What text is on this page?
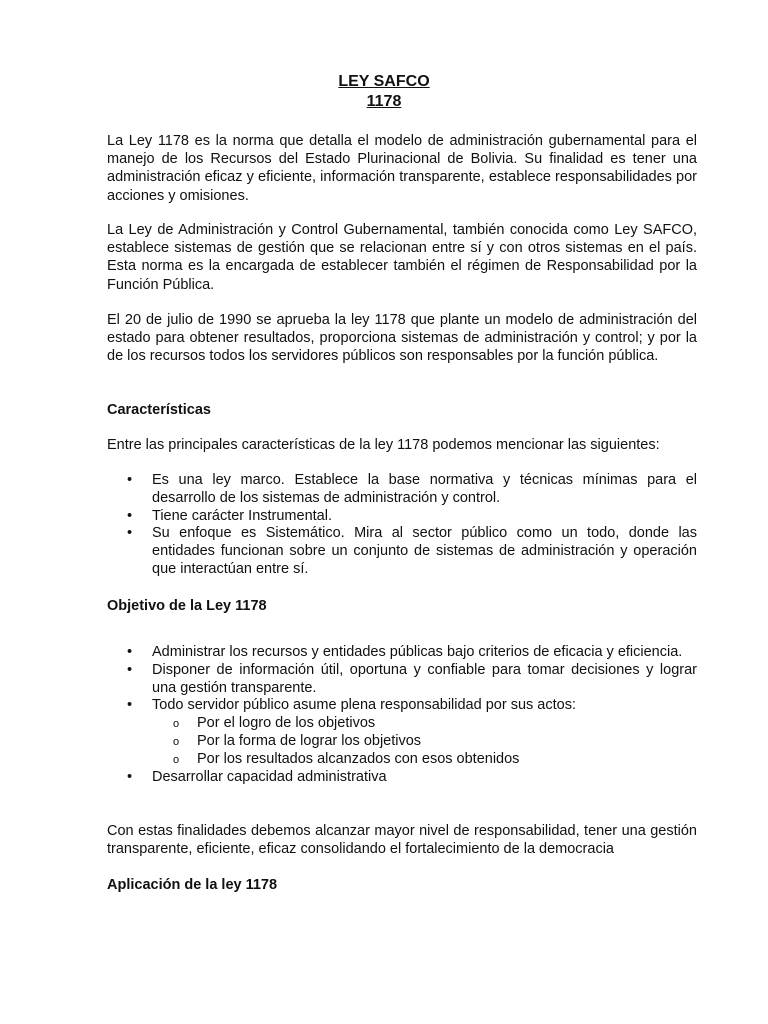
LEY SAFCO
1178

La Ley 1178 es la norma que detalla el modelo de administración gubernamental para el manejo de los Recursos del Estado Plurinacional de Bolivia. Su finalidad es tener una administración eficaz y eficiente, información transparente, establece responsabilidades por acciones y omisiones.

La Ley de Administración y Control Gubernamental, también conocida como Ley SAFCO, establece sistemas de gestión que se relacionan entre sí y con otros sistemas en el país. Esta norma es la encargada de establecer también el régimen de Responsabilidad por la Función Pública.

El 20 de julio de 1990 se aprueba la ley 1178 que plante un modelo de administración del estado para obtener resultados, proporciona sistemas de administración y control; y por la de los recursos todos los servidores públicos son responsables por la función pública.

Características

Entre las principales características de la ley 1178 podemos mencionar las siguientes:

• Es una ley marco. Establece la base normativa y técnicas mínimas para el desarrollo de los sistemas de administración y control.
• Tiene carácter Instrumental.
• Su enfoque es Sistemático. Mira al sector público como un todo, donde las entidades funcionan sobre un conjunto de sistemas de administración y operación que interactúan entre sí.
Objetivo de la Ley 1178
• Administrar los recursos y entidades públicas bajo criterios de eficacia y eficiencia.
• Disponer de información útil, oportuna y confiable para tomar decisiones y lograr una gestión transparente.
• Todo servidor público asume plena responsabilidad por sus actos:
o Por el logro de los objetivos
o Por la forma de lograr los objetivos
o Por los resultados alcanzados con esos obtenidos
• Desarrollar capacidad administrativa

Con estas finalidades debemos alcanzar mayor nivel de responsabilidad, tener una gestión transparente, eficiente, eficaz consolidando el fortalecimiento de la democracia

Aplicación de la ley 1178
